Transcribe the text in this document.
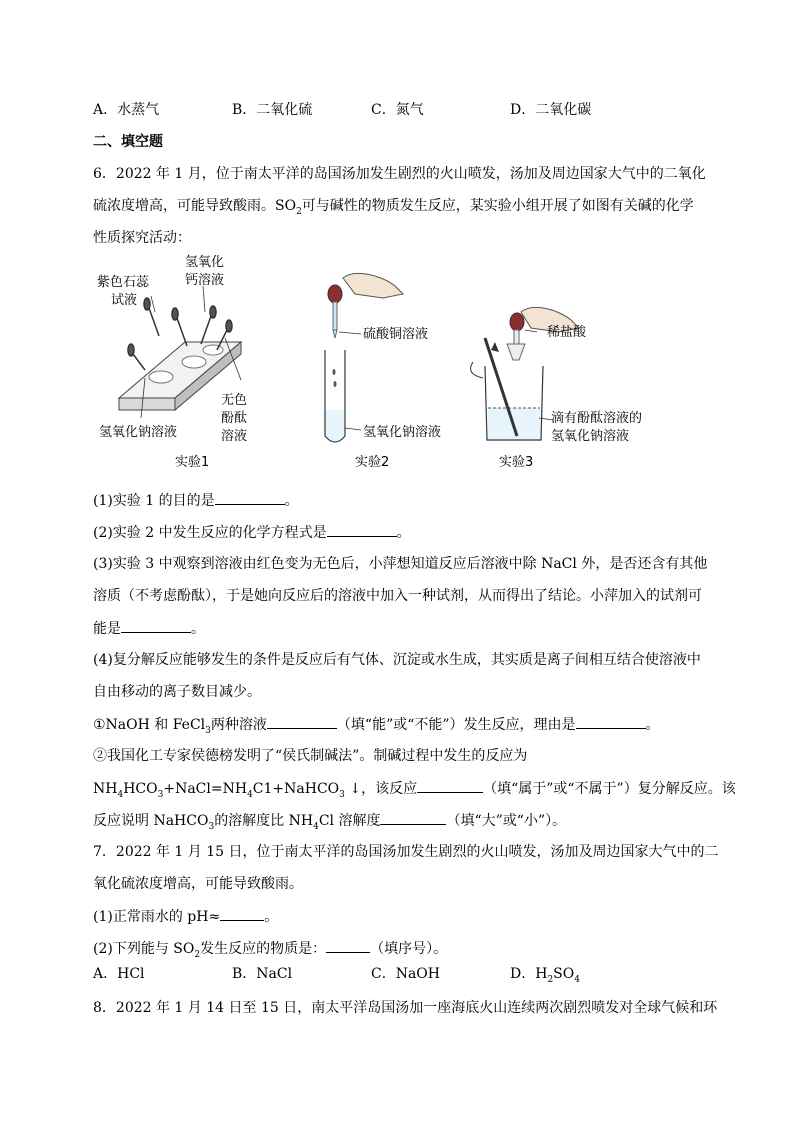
A．水蒸气	B．二氧化硫	C．氮气	D．二氧化碳
二、填空题
6．2022 年 1 月，位于南太平洋的岛国汤加发生剧烈的火山喷发，汤加及周边国家大气中的二氧化
硫浓度增高，可能导致酸雨。$SO_2$可与碱性的物质发生反应，某实验小组开展了如图有关碱的化学
性质探究活动：
紫色石蕊
试液
氢氧化
钙溶液
无色
酚酞
溶液
氢氧化钠溶液
实验1
硫酸铜溶液
氢氧化钠溶液
实验2
稀盐酸
滴有酚酞溶液的
氢氧化钠溶液
实验3
(1)实验 1 的目的是	。
(2)实验 2 中发生反应的化学方程式是	。
(3)实验 3 中观察到溶液由红色变为无色后，小萍想知道反应后溶液中除 NaCl 外，是否还含有其他
溶质（不考虑酚酞），于是她向反应后的溶液中加入一种试剂，从而得出了结论。小萍加入的试剂可
能是	。
(4)复分解反应能够发生的条件是反应后有气体、沉淀或水生成，其实质是离子间相互结合使溶液中
自由移动的离子数目减少。
①NaOH 和 FeCl$_3$两种溶液	（填“能”或“不能”）发生反应，理由是	。
②我国化工专家侯德榜发明了“侯氏制碱法”。制碱过程中发生的反应为
$NH_4HCO_3+NaCl=NH_4C1+NaHCO_3$ ↓，该反应	（填“属于”或“不属于”）复分解反应。该
反应说明 NaHCO$_3$的溶解度比 $NH_4Cl$ 溶解度	（填“大”或“小”）。
7．2022 年 1 月 15 日，位于南太平洋的岛国汤加发生剧烈的火山喷发，汤加及周边国家大气中的二
氧化硫浓度增高，可能导致酸雨。
(1)正常雨水的 pH≈	。
(2)下列能与 $SO_2$发生反应的物质是：	（填序号）。
A．HCl	B．NaCl	C．NaOH	D．$H_2SO_4$
8．2022 年 1 月 14 日至 15 日，南太平洋岛国汤加一座海底火山连续两次剧烈喷发对全球气候和环
